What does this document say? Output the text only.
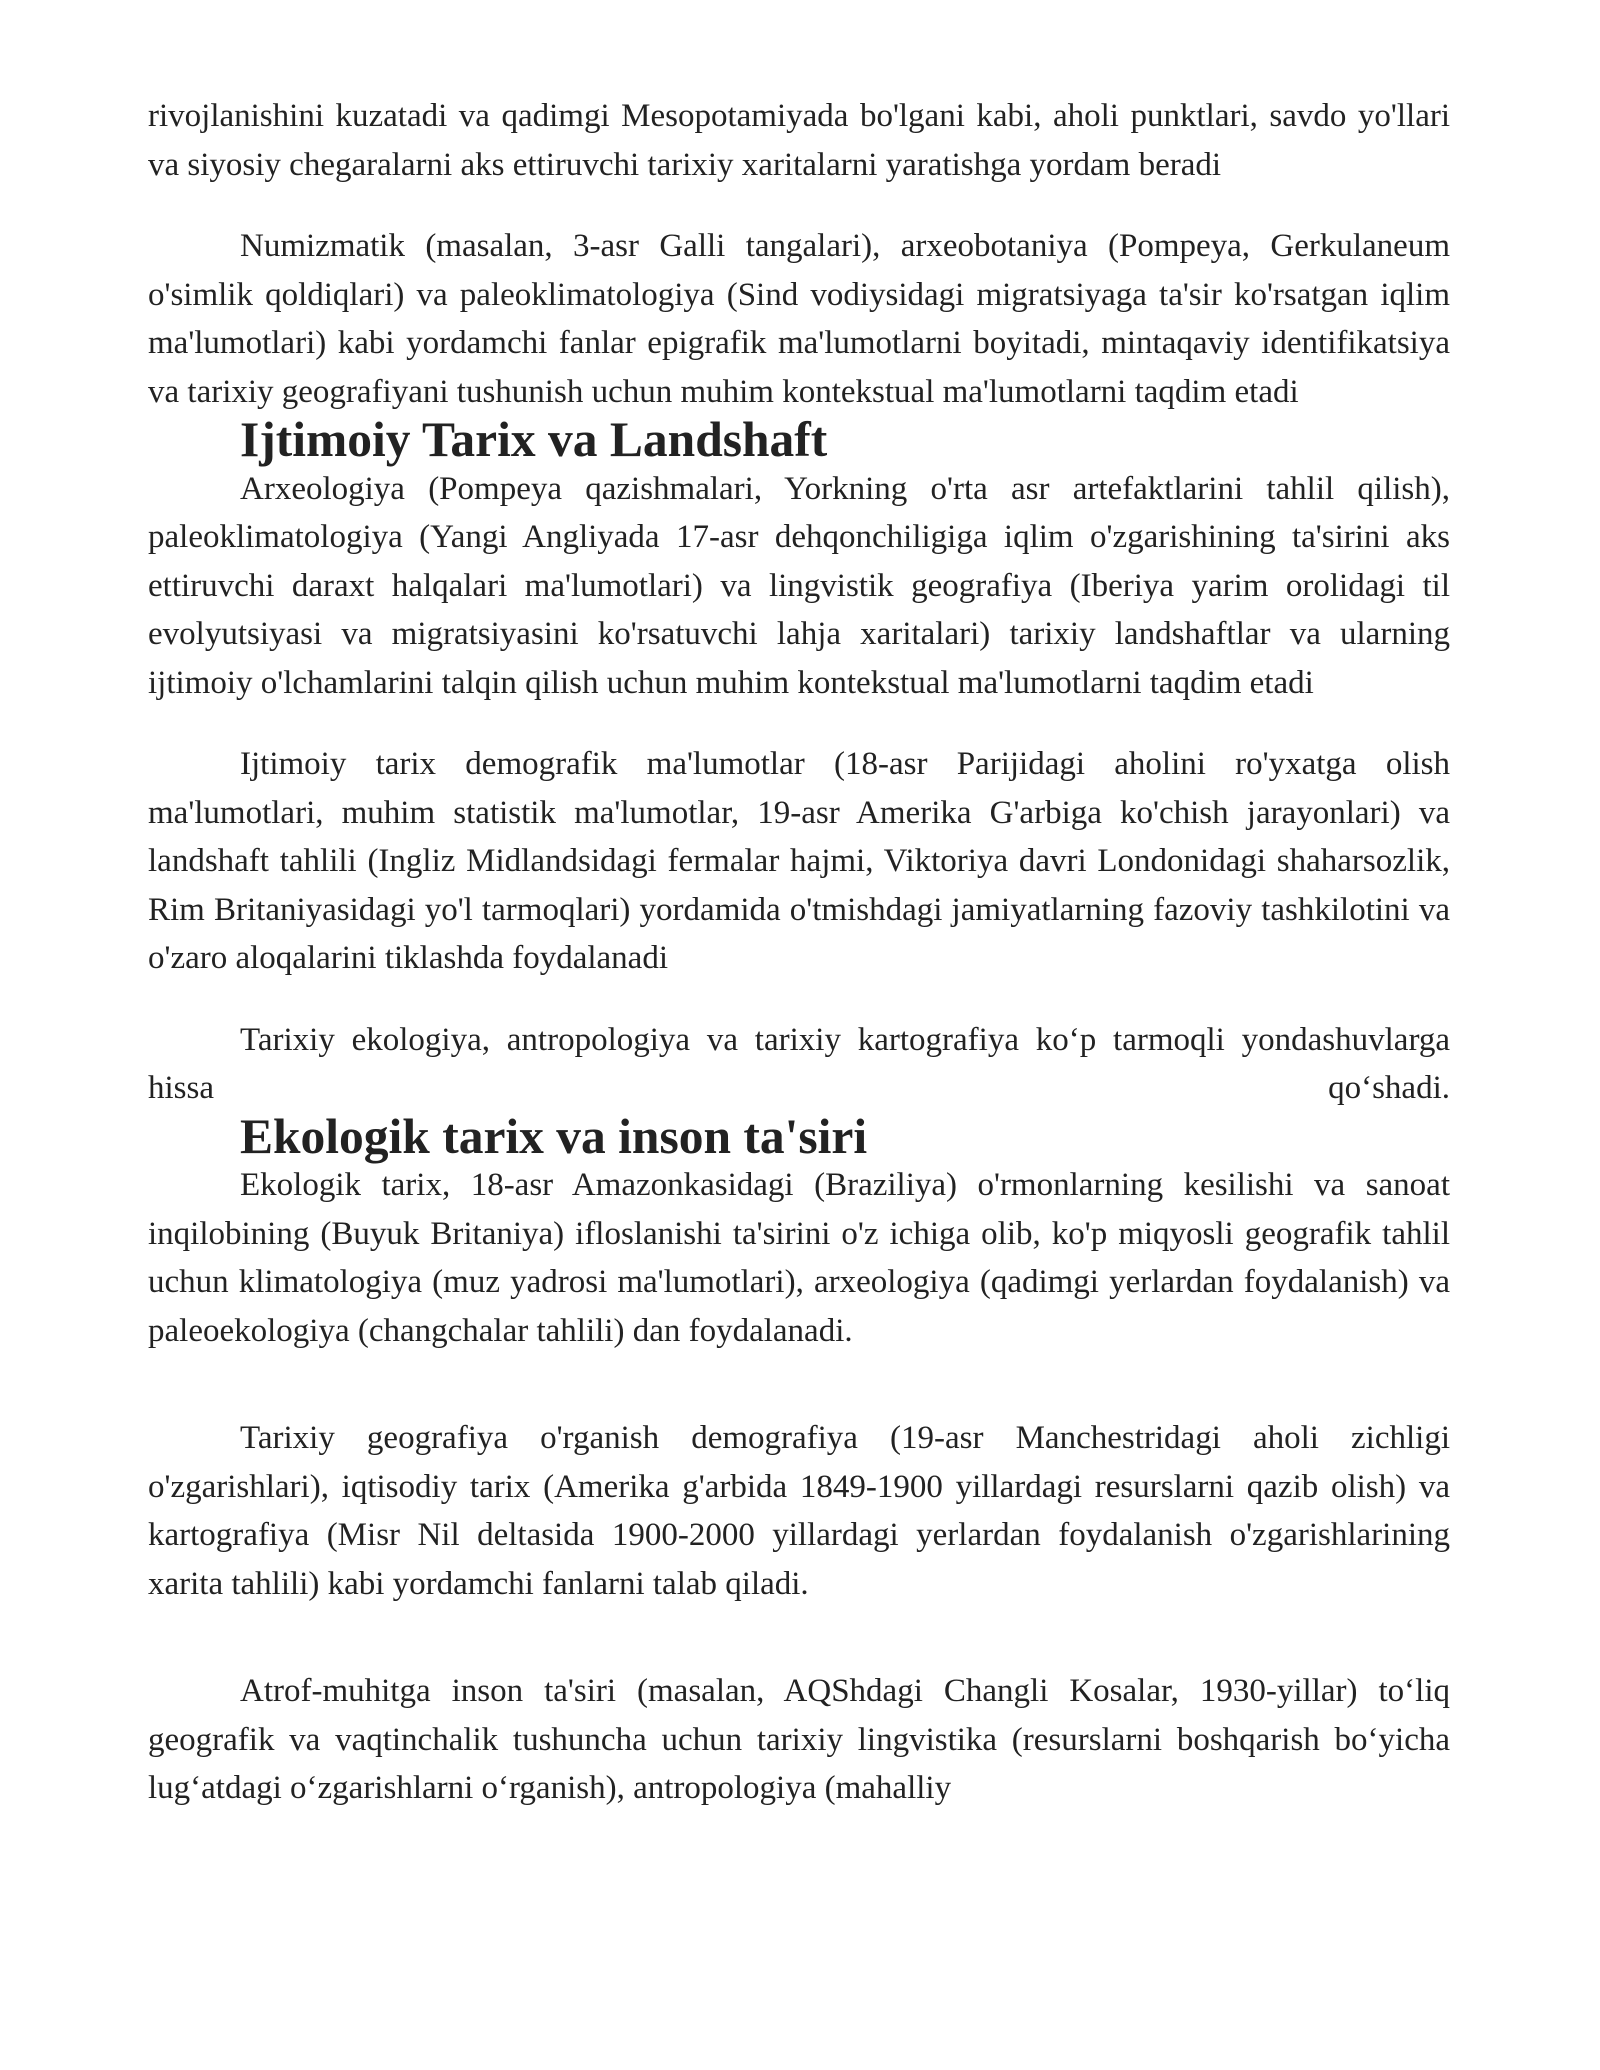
rivojlanishini kuzatadi va qadimgi Mesopotamiyada bo'lgani kabi, aholi punktlari, savdo yo'llari va siyosiy chegaralarni aks ettiruvchi tarixiy xaritalarni yaratishga yordam beradi

Numizmatik (masalan, 3-asr Galli tangalari), arxeobotaniya (Pompeya, Gerkulaneum o'simlik qoldiqlari) va paleoklimatologiya (Sind vodiysidagi migratsiyaga ta'sir ko'rsatgan iqlim ma'lumotlari) kabi yordamchi fanlar epigrafik ma'lumotlarni boyitadi, mintaqaviy identifikatsiya va tarixiy geografiyani tushunish uchun muhim kontekstual ma'lumotlarni taqdim etadi

Ijtimoiy Tarix va Landshaft

Arxeologiya (Pompeya qazishmalari, Yorkning o'rta asr artefaktlarini tahlil qilish), paleoklimatologiya (Yangi Angliyada 17-asr dehqonchiligiga iqlim o'zgarishining ta'sirini aks ettiruvchi daraxt halqalari ma'lumotlari) va lingvistik geografiya (Iberiya yarim orolidagi til evolyutsiyasi va migratsiyasini ko'rsatuvchi lahja xaritalari) tarixiy landshaftlar va ularning ijtimoiy o'lchamlarini talqin qilish uchun muhim kontekstual ma'lumotlarni taqdim etadi

Ijtimoiy tarix demografik ma'lumotlar (18-asr Parijidagi aholini ro'yxatga olish ma'lumotlari, muhim statistik ma'lumotlar, 19-asr Amerika G'arbiga ko'chish jarayonlari) va landshaft tahlili (Ingliz Midlandsidagi fermalar hajmi, Viktoriya davri Londonidagi shaharsozlik, Rim Britaniyasidagi yo'l tarmoqlari) yordamida o'tmishdagi jamiyatlarning fazoviy tashkilotini va o'zaro aloqalarini tiklashda foydalanadi

Tarixiy ekologiya, antropologiya va tarixiy kartografiya ko‘p tarmoqli yondashuvlarga hissa qo‘shadi.

Ekologik tarix va inson ta'siri

Ekologik tarix, 18-asr Amazonkasidagi (Braziliya) o'rmonlarning kesilishi va sanoat inqilobining (Buyuk Britaniya) ifloslanishi ta'sirini o'z ichiga olib, ko'p miqyosli geografik tahlil uchun klimatologiya (muz yadrosi ma'lumotlari), arxeologiya (qadimgi yerlardan foydalanish) va paleoekologiya (changchalar tahlili) dan foydalanadi.

Tarixiy geografiya o'rganish demografiya (19-asr Manchestridagi aholi zichligi o'zgarishlari), iqtisodiy tarix (Amerika g'arbida 1849-1900 yillardagi resurslarni qazib olish) va kartografiya (Misr Nil deltasida 1900-2000 yillardagi yerlardan foydalanish o'zgarishlarining xarita tahlili) kabi yordamchi fanlarni talab qiladi.

Atrof-muhitga inson ta'siri (masalan, AQShdagi Changli Kosalar, 1930-yillar) to‘liq geografik va vaqtinchalik tushuncha uchun tarixiy lingvistika (resurslarni boshqarish bo‘yicha lug‘atdagi o‘zgarishlarni o‘rganish), antropologiya (mahalliy
